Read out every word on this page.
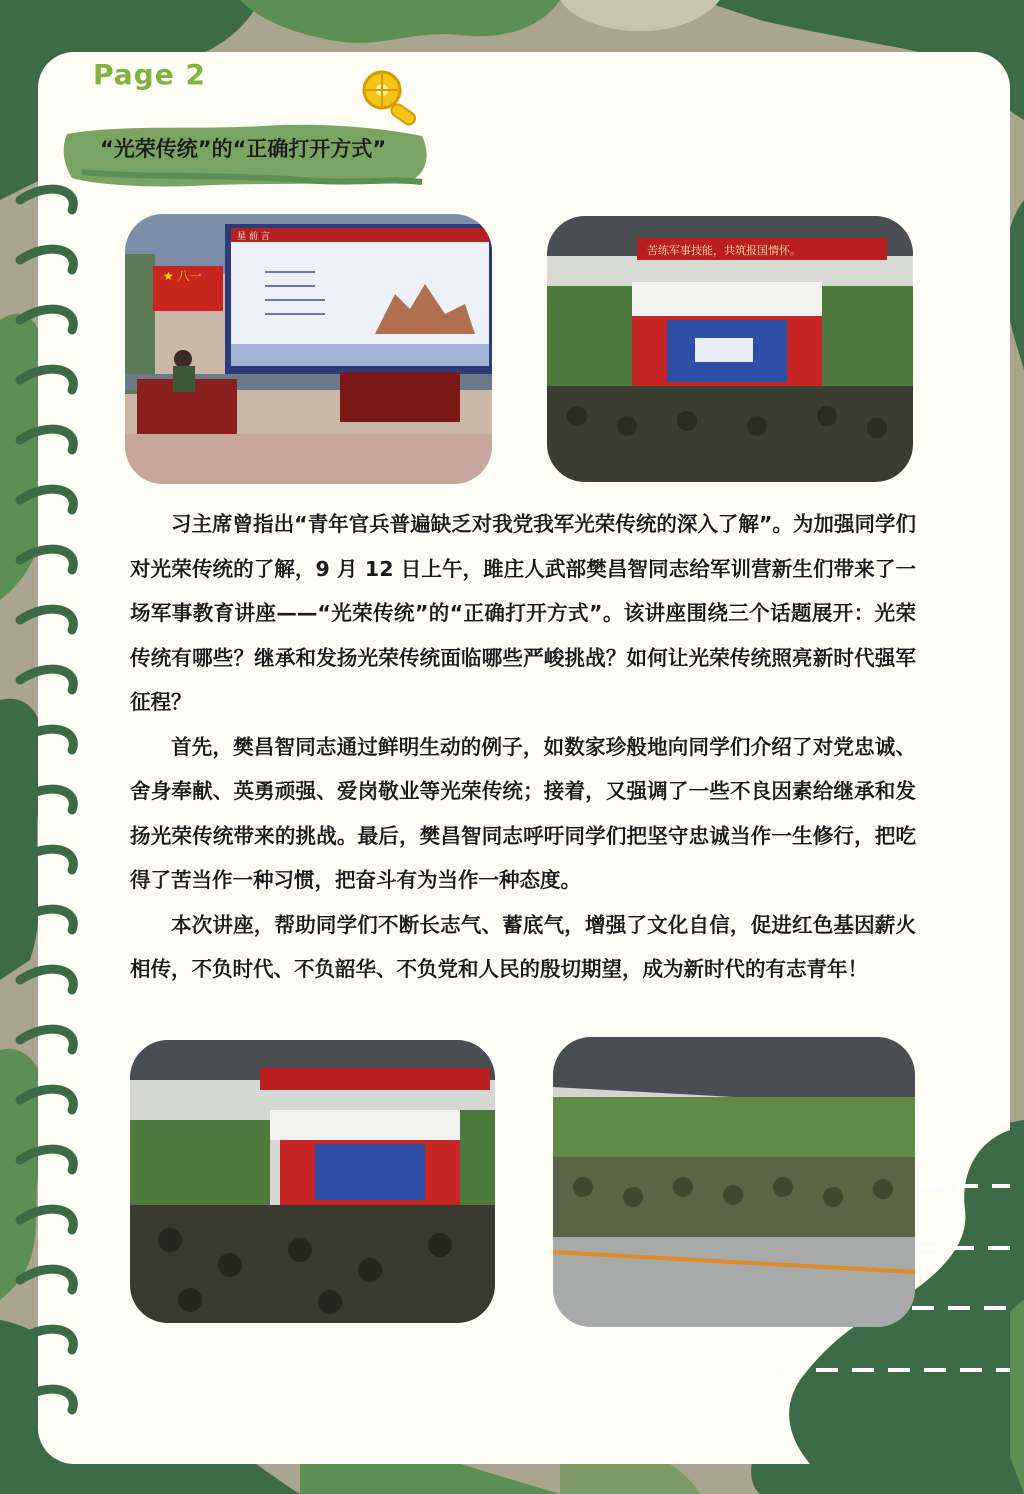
Page 2
“光荣传统”的“正确打开方式”
★ 八一
星 前 言
苦练军事技能，共筑报国情怀。

习主席曾指出“青年官兵普遍缺乏对我党我军光荣传统的深入了解”。为加强同学们对光荣传统的了解，9 月 12 日上午，雎庄人武部樊昌智同志给军训营新生们带来了一场军事教育讲座——“光荣传统”的“正确打开方式”。该讲座围绕三个话题展开：光荣传统有哪些？继承和发扬光荣传统面临哪些严峻挑战？如何让光荣传统照亮新时代强军征程？

首先，樊昌智同志通过鲜明生动的例子，如数家珍般地向同学们介绍了对党忠诚、舍身奉献、英勇顽强、爱岗敬业等光荣传统；接着，又强调了一些不良因素给继承和发扬光荣传统带来的挑战。最后，樊昌智同志呼吁同学们把坚守忠诚当作一生修行，把吃得了苦当作一种习惯，把奋斗有为当作一种态度。

本次讲座，帮助同学们不断长志气、蓄底气，增强了文化自信，促进红色基因薪火相传，不负时代、不负韶华、不负党和人民的殷切期望，成为新时代的有志青年！
